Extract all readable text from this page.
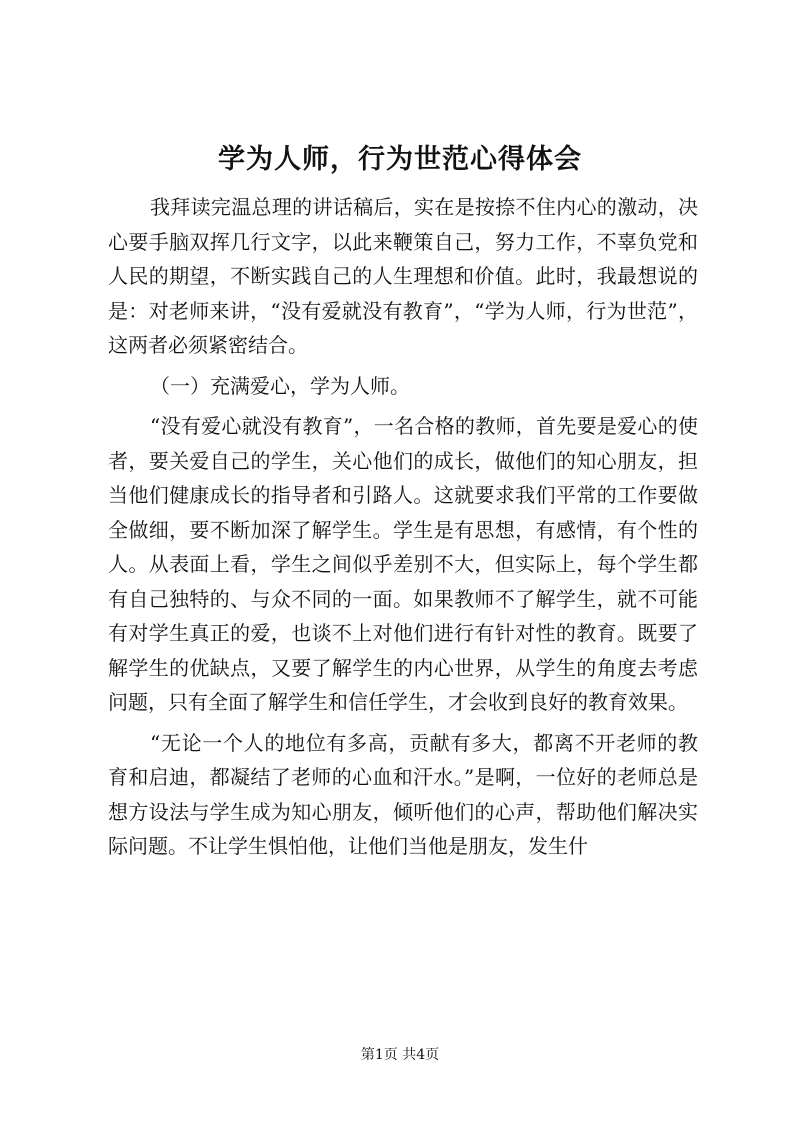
学为人师，行为世范心得体会

我拜读完温总理的讲话稿后，实在是按捺不住内心的激动，决心要手脑双挥几行文字，以此来鞭策自己，努力工作，不辜负党和人民的期望，不断实践自己的人生理想和价值。此时，我最想说的是：对老师来讲，“没有爱就没有教育”，“学为人师，行为世范”，这两者必须紧密结合。

（一）充满爱心，学为人师。

“没有爱心就没有教育”，一名合格的教师，首先要是爱心的使者，要关爱自己的学生，关心他们的成长，做他们的知心朋友，担当他们健康成长的指导者和引路人。这就要求我们平常的工作要做全做细，要不断加深了解学生。学生是有思想，有感情，有个性的人。从表面上看，学生之间似乎差别不大，但实际上，每个学生都有自己独特的、与众不同的一面。如果教师不了解学生，就不可能有对学生真正的爱，也谈不上对他们进行有针对性的教育。既要了解学生的优缺点，又要了解学生的内心世界，从学生的角度去考虑问题，只有全面了解学生和信任学生，才会收到良好的教育效果。

“无论一个人的地位有多高，贡献有多大，都离不开老师的教育和启迪，都凝结了老师的心血和汗水。”是啊，一位好的老师总是想方设法与学生成为知心朋友，倾听他们的心声，帮助他们解决实际问题。不让学生惧怕他，让他们当他是朋友，发生什

第1页 共4页
